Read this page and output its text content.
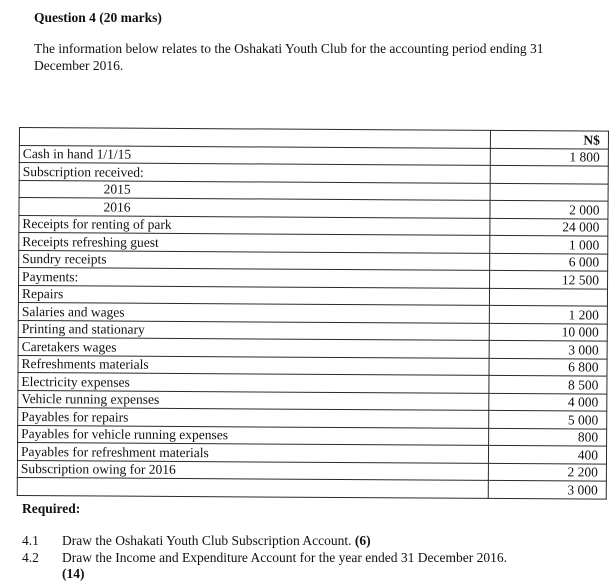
Question 4 (20 marks)
The information below relates to the Oshakati Youth Club for the accounting period ending 31 December 2016.
	N$
Cash in hand 1/1/15	1 800
Subscription received:	
2015	
2016	2 000
Receipts for renting of park	24 000
Receipts refreshing guest	1 000
Sundry receipts	6 000
Payments:	12 500
Repairs	
Salaries and wages	1 200
Printing and stationary	10 000
Caretakers wages	3 000
Refreshments materials	6 800
Electricity expenses	8 500
Vehicle running expenses	4 000
Payables for repairs	5 000
Payables for vehicle running expenses	800
Payables for refreshment materials	400
Subscription owing for 2016	2 200
	3 000
Required:
4.1	Draw the Oshakati Youth Club Subscription Account. (6)
4.2	Draw the Income and Expenditure Account for the year ended 31 December 2016.
(14)
